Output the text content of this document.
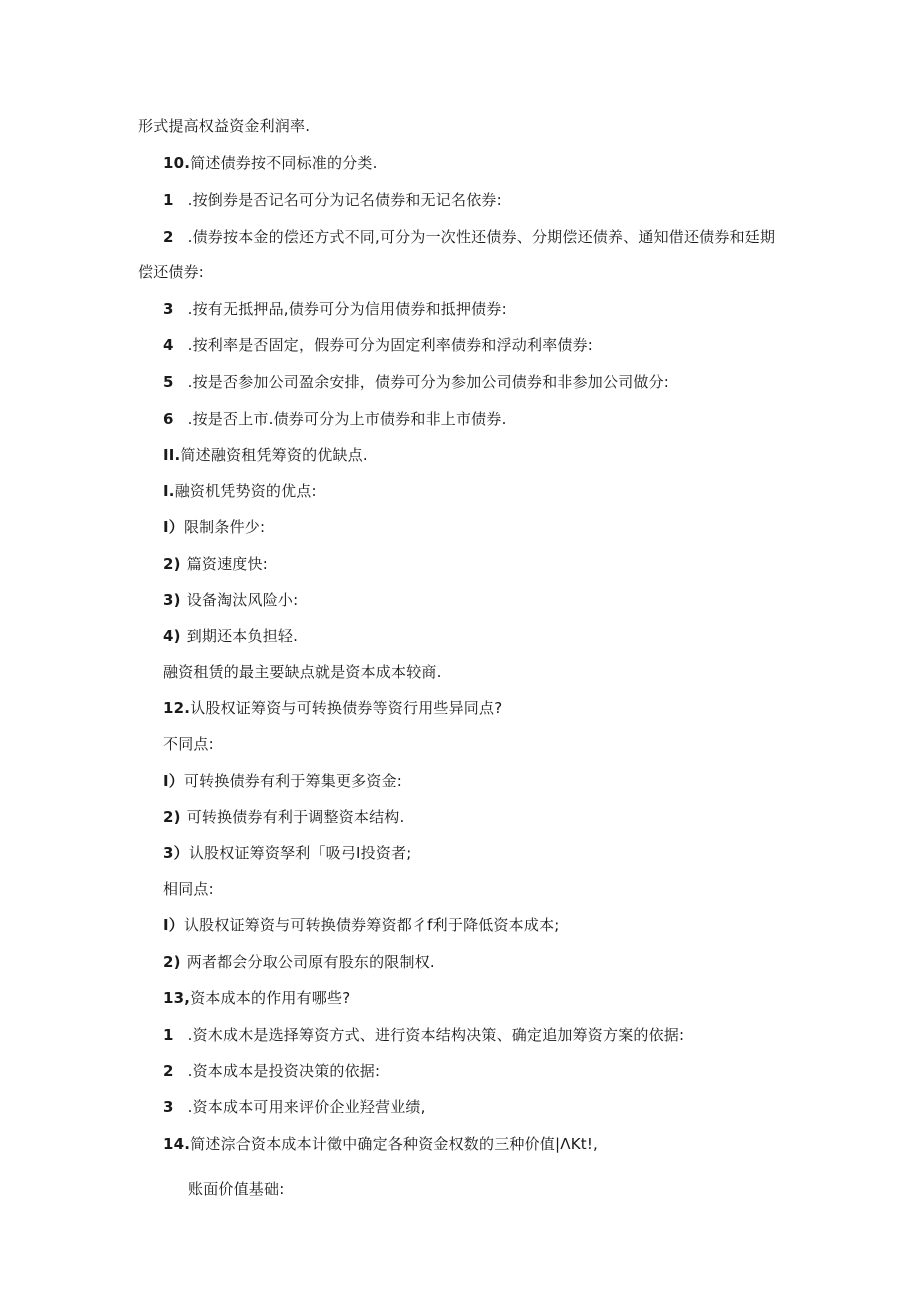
形式提高权益资金利润率.
10.简述债券按不同标准的分类.
1 .按倒券是否记名可分为记名债券和无记名依券:
2 .债券按本金的偿还方式不同,可分为一次性还债券、分期偿还债养、通知借还债券和廷期
偿还债券:
3 .按有无抵押品,债券可分为信用债券和抵押债券:
4 .按利率是否固定，假券可分为固定利率债券和浮动利率债券:
5 .按是否参加公司盈余安排，债券可分为参加公司债券和非参加公司做分:
6 .按是否上市.债券可分为上市债券和非上市债券.
II.简述融资租凭筹资的优缺点.
I.融资机凭势资的优点:
I）限制条件少:
2) 篇资速度快:
3) 设备淘汰风险小:
4) 到期还本负担轻.
融资租赁的最主要缺点就是资本成本较商.
12.认股权证筹资与可转换债券等资行用些异同点?
不同点:
I）可转换债券有利于筹集更多资金:
2) 可转换债券有利于调整资本结构.
3）认股权证筹资孥利「吸弓I投资者;
相同点:
I）认股权证筹资与可转换债券筹资都彳f利于降低资本成本;
2) 两者都会分取公司原有股东的限制权.
13,资本成本的作用有哪些?
1 .资木成木是选择筹资方式、进行资本结构决策、确定追加筹资方案的依据:
2 .资本成本是投资决策的依据:
3 .资本成本可用来评价企业羟营业绩,
14.简述淙合资本成本计徵中确定各种资金权数的三种价值|ΛKt!,
账面价值基础:
